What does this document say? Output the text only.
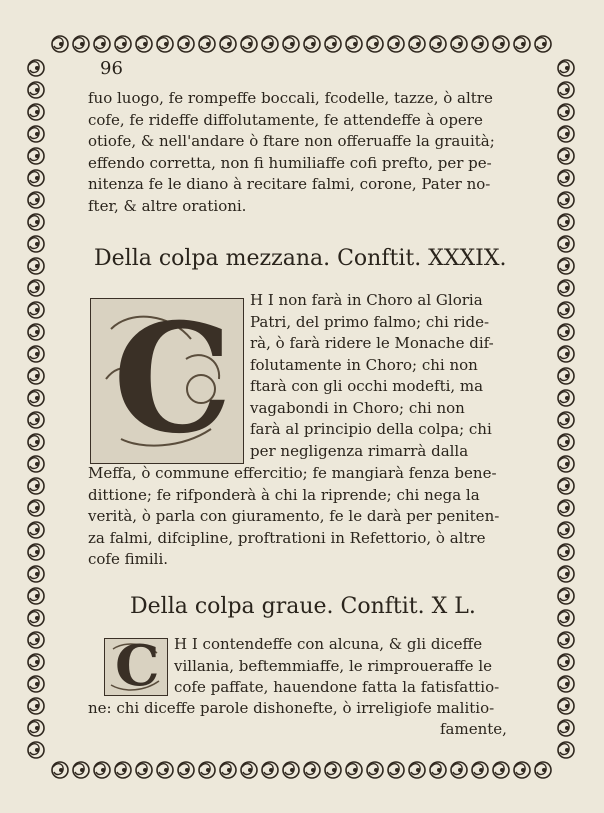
96
fuo luogo, fe rompeffe boccali, fcodelle, tazze, ò altre
cofe, fe rideffe diffolutamente, fe attendeffe à opere
otiofe, & nell'andare ò ftare non offeruaffe la grauità;
effendo corretta, non fi humiliaffe cofi prefto, per pe-
nitenza fe le diano à recitare falmi, corone, Pater no-
fter, & altre orationi.
Della colpa mezzana. Conftit. XXXIX.
C H I non farà in Choro al Gloria
Patri, del primo falmo; chi ride-
rà, ò farà ridere le Monache dif-
folutamente in Choro; chi non
ftarà con gli occhi modefti, ma
vagabondi in Choro; chi non
farà al principio della colpa; chi
per negligenza rimarrà dalla
Meffa, ò commune effercitio; fe mangiarà fenza bene-
dittione; fe rifponderà à chi la riprende; chi nega la
verità, ò parla con giuramento, fe le darà per peniten-
za falmi, difcipline, proftrationi in Refettorio, ò altre
cofe fimili.
Della colpa graue. Conftit. X L.
C H I contendeffe con alcuna, & gli diceffe
villania, beftemmiaffe, le rimproueraffe le
cofe paffate, hauendone fatta la fatisfattio-
ne: chi diceffe parole dishonefte, ò irreligiofe malitio-
famente,
